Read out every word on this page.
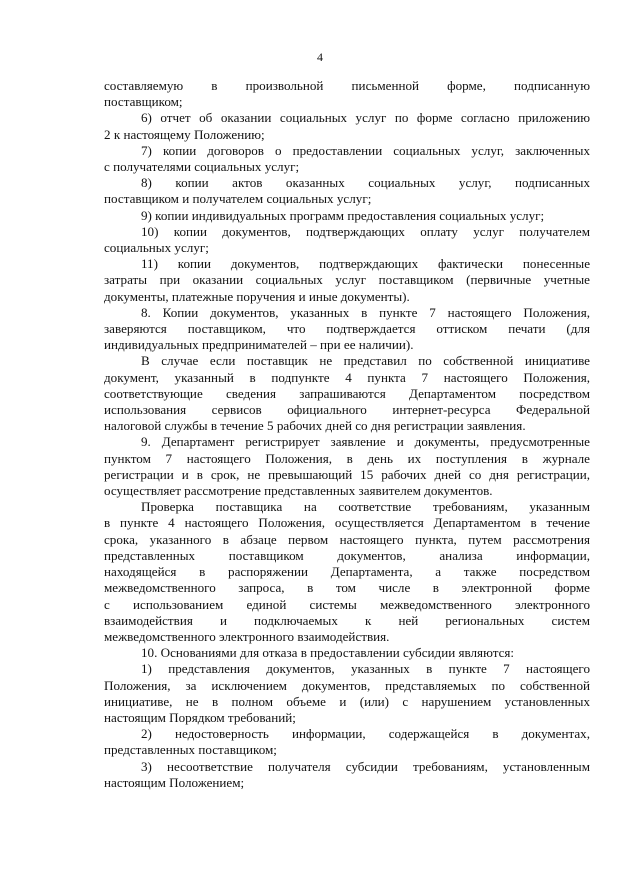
4

составляемую в произвольной письменной форме, подписанную
поставщиком;

6) отчет об оказании социальных услуг по форме согласно приложению
2 к настоящему Положению;

7) копии договоров о предоставлении социальных услуг, заключенных
с получателями социальных услуг;

8) копии актов оказанных социальных услуг, подписанных
поставщиком и получателем социальных услуг;

9) копии индивидуальных программ предоставления социальных услуг;

10) копии документов, подтверждающих оплату услуг получателем
социальных услуг;

11) копии документов, подтверждающих фактически понесенные
затраты при оказании социальных услуг поставщиком (первичные учетные
документы, платежные поручения и иные документы).

8. Копии документов, указанных в пункте 7 настоящего Положения,
заверяются поставщиком, что подтверждается оттиском печати (для
индивидуальных предпринимателей – при ее наличии).

В случае если поставщик не представил по собственной инициативе
документ, указанный в подпункте 4 пункта 7 настоящего Положения,
соответствующие сведения запрашиваются Департаментом посредством
использования сервисов официального интернет-ресурса Федеральной
налоговой службы в течение 5 рабочих дней со дня регистрации заявления.

9. Департамент регистрирует заявление и документы, предусмотренные
пунктом 7 настоящего Положения, в день их поступления в журнале
регистрации и в срок, не превышающий 15 рабочих дней со дня регистрации,
осуществляет рассмотрение представленных заявителем документов.

Проверка поставщика на соответствие требованиям, указанным
в пункте 4 настоящего Положения, осуществляется Департаментом в течение
срока, указанного в абзаце первом настоящего пункта, путем рассмотрения
представленных поставщиком документов, анализа информации,
находящейся в распоряжении Департамента, а также посредством
межведомственного запроса, в том числе в электронной форме
с использованием единой системы межведомственного электронного
взаимодействия и подключаемых к ней региональных систем
межведомственного электронного взаимодействия.

10. Основаниями для отказа в предоставлении субсидии являются:

1) представления документов, указанных в пункте 7 настоящего
Положения, за исключением документов, представляемых по собственной
инициативе, не в полном объеме и (или) с нарушением установленных
настоящим Порядком требований;

2) недостоверность информации, содержащейся в документах,
представленных поставщиком;

3) несоответствие получателя субсидии требованиям, установленным
настоящим Положением;
